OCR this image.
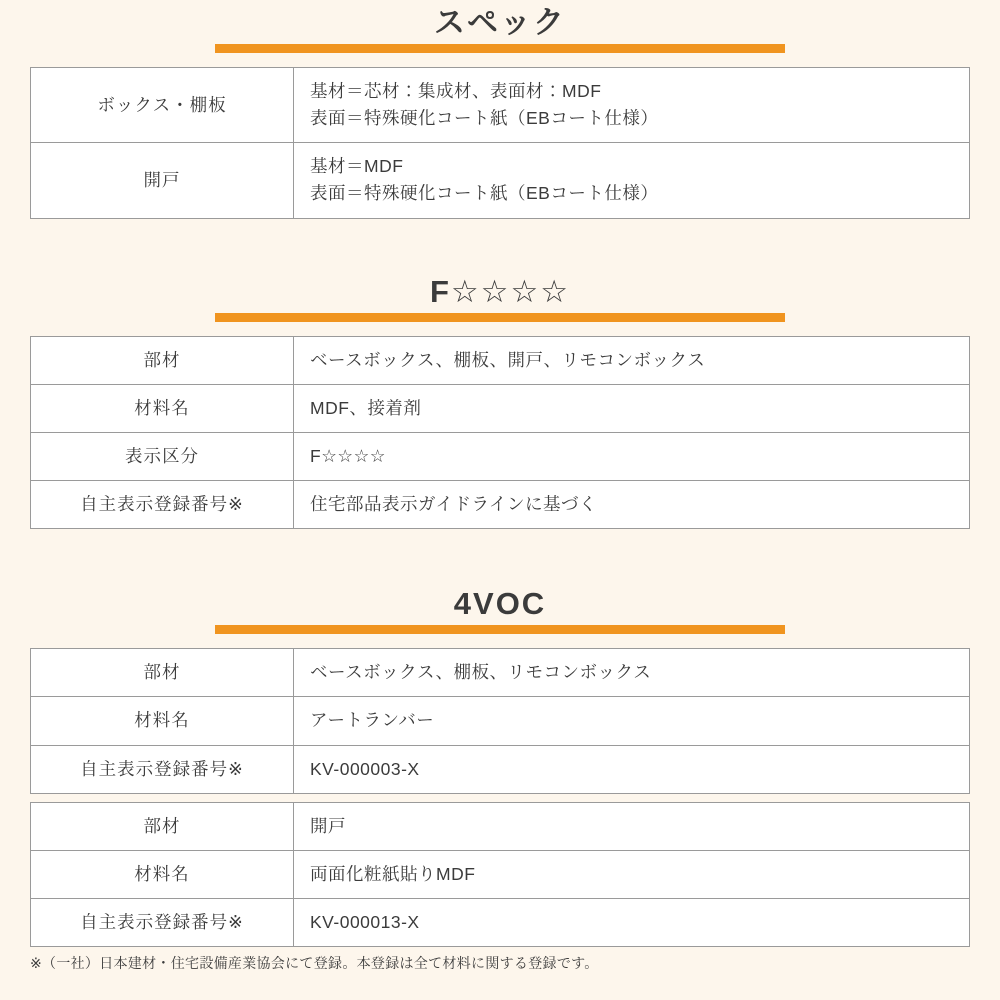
スペック
ボックス・棚板	基材＝芯材：集成材、表面材：MDF
表面＝特殊硬化コート紙（EBコート仕様）

開戸	基材＝MDF
表面＝特殊硬化コート紙（EBコート仕様）
F☆☆☆☆
部材	ベースボックス、棚板、開戸、リモコンボックス

材料名	MDF、接着剤

表示区分	F☆☆☆☆

自主表示登録番号※	住宅部品表示ガイドラインに基づく
4VOC
部材	ベースボックス、棚板、リモコンボックス

材料名	アートランバー

自主表示登録番号※	KV-000003-X
部材	開戸

材料名	両面化粧紙貼りMDF

自主表示登録番号※	KV-000013-X
※（一社）日本建材・住宅設備産業協会にて登録。本登録は全て材料に関する登録です。
